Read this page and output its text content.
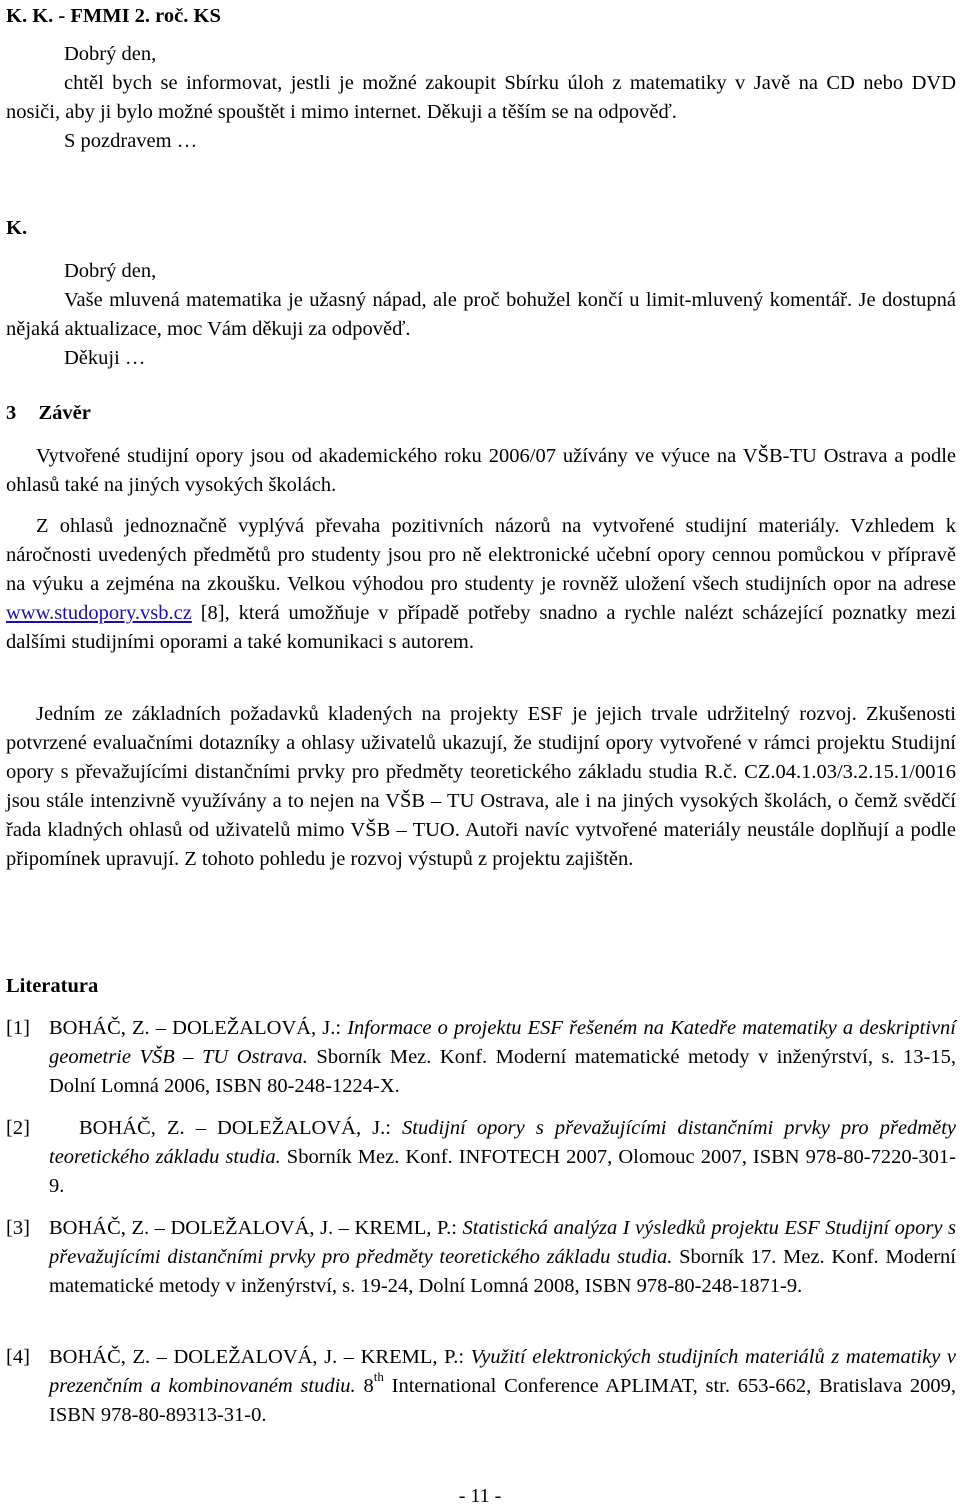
K. K. - FMMI 2. roč. KS
Dobrý den,
chtěl bych se informovat, jestli je možné zakoupit Sbírku úloh z matematiky v Javě na CD nebo DVD nosiči, aby ji bylo možné spouštět i mimo internet. Děkuji a těším se na odpověď.
S pozdravem …
K.
Dobrý den,
Vaše mluvená matematika je užasný nápad, ale proč bohužel končí u limit-mluvený komentář. Je dostupná nějaká aktualizace, moc Vám děkuji za odpověď.
Děkuji …
3 Závěr
Vytvořené studijní opory jsou od akademického roku 2006/07 užívány ve výuce na VŠB-TU Ostrava a podle ohlasů také na jiných vysokých školách.
Z ohlasů jednoznačně vyplývá převaha pozitivních názorů na vytvořené studijní materiály. Vzhledem k náročnosti uvedených předmětů pro studenty jsou pro ně elektronické učební opory cennou pomůckou v přípravě na výuku a zejména na zkoušku. Velkou výhodou pro studenty je rovněž uložení všech studijních opor na adrese www.studopory.vsb.cz [8], která umožňuje v případě potřeby snadno a rychle nalézt scházející poznatky mezi dalšími studijními oporami a také komunikaci s autorem.
Jedním ze základních požadavků kladených na projekty ESF je jejich trvale udržitelný rozvoj. Zkušenosti potvrzené evaluačními dotazníky a ohlasy uživatelů ukazují, že studijní opory vytvořené v rámci projektu Studijní opory s převažujícími distančními prvky pro předměty teoretického základu studia R.č. CZ.04.1.03/3.2.15.1/0016 jsou stále intenzivně využívány a to nejen na VŠB – TU Ostrava, ale i na jiných vysokých školách, o čemž svědčí řada kladných ohlasů od uživatelů mimo VŠB – TUO. Autoři navíc vytvořené materiály neustále doplňují a podle připomínek upravují. Z tohoto pohledu je rozvoj výstupů z projektu zajištěn.
Literatura
[1] BOHÁČ, Z. – DOLEŽALOVÁ, J.: Informace o projektu ESF řešeném na Katedře matematiky a deskriptivní geometrie VŠB – TU Ostrava. Sborník Mez. Konf. Moderní matematické metody v inženýrství, s. 13-15, Dolní Lomná 2006, ISBN 80-248-1224-X.
[2]	BOHÁČ, Z. – DOLEŽALOVÁ, J.: Studijní opory s převažujícími distančními prvky pro předměty teoretického základu studia. Sborník Mez. Konf. INFOTECH 2007, Olomouc 2007, ISBN 978-80-7220-301-9.
[3] BOHÁČ, Z. – DOLEŽALOVÁ, J. – KREML, P.: Statistická analýza I výsledků projektu ESF Studijní opory s převažujícími distančními prvky pro předměty teoretického základu studia. Sborník 17. Mez. Konf. Moderní matematické metody v inženýrství, s. 19-24, Dolní Lomná 2008, ISBN 978-80-248-1871-9.
[4] BOHÁČ, Z. – DOLEŽALOVÁ, J. – KREML, P.: Využití elektronických studijních materiálů z matematiky v prezenčním a kombinovaném studiu. 8th International Conference APLIMAT, str. 653-662, Bratislava 2009, ISBN 978-80-89313-31-0.
- 11 -
